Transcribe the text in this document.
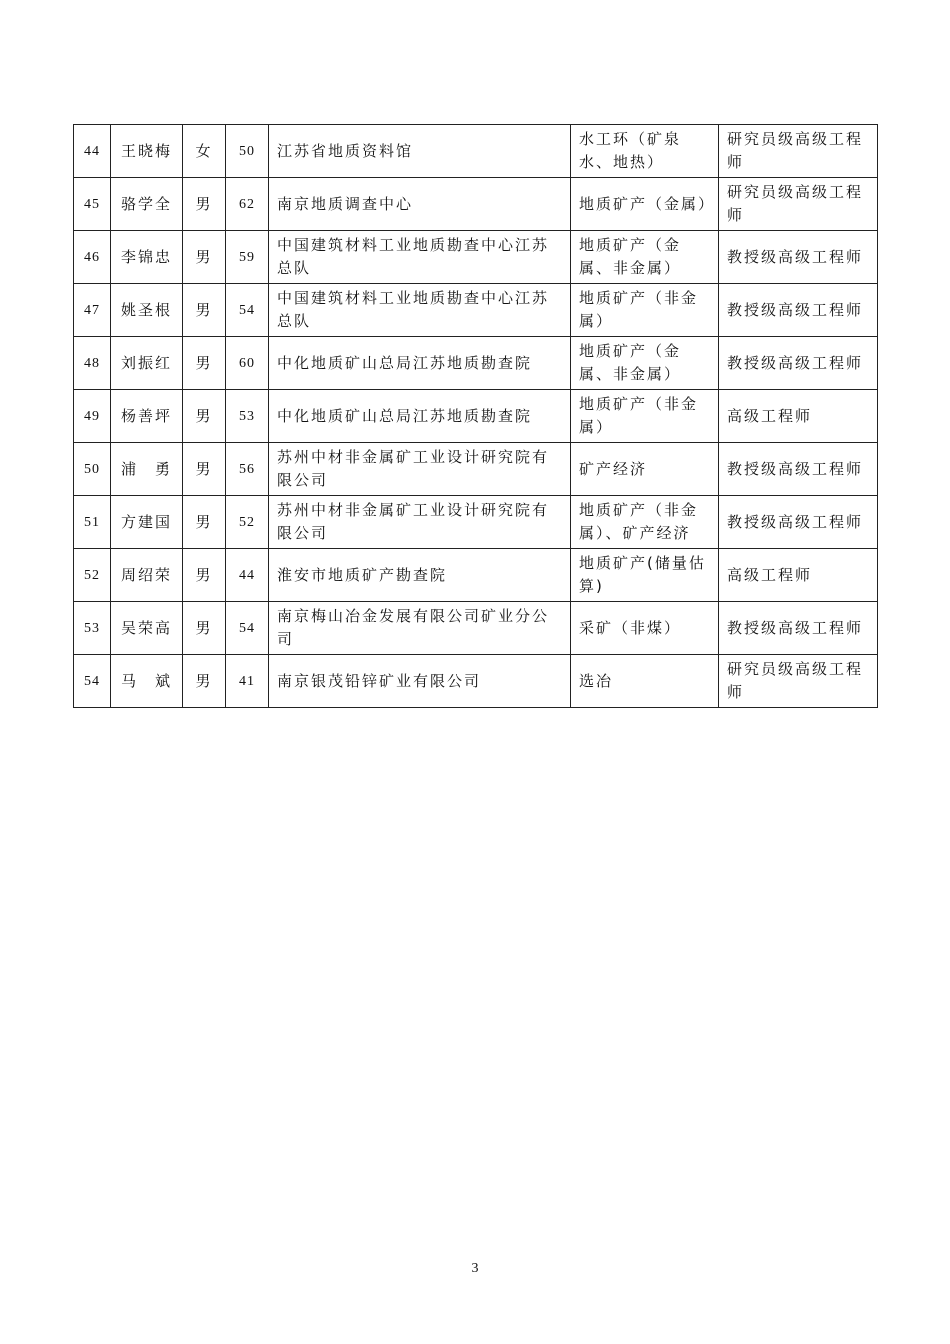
44	王晓梅	女	50	江苏省地质资料馆	水工环（矿泉水、地热）	研究员级高级工程师
45	骆学全	男	62	南京地质调查中心	地质矿产（金属）	研究员级高级工程师
46	李锦忠	男	59	中国建筑材料工业地质勘查中心江苏总队	地质矿产（金属、非金属）	教授级高级工程师
47	姚圣根	男	54	中国建筑材料工业地质勘查中心江苏总队	地质矿产（非金属）	教授级高级工程师
48	刘振红	男	60	中化地质矿山总局江苏地质勘查院	地质矿产（金属、非金属）	教授级高级工程师
49	杨善坪	男	53	中化地质矿山总局江苏地质勘查院	地质矿产（非金属）	高级工程师
50	浦　勇	男	56	苏州中材非金属矿工业设计研究院有限公司	矿产经济	教授级高级工程师
51	方建国	男	52	苏州中材非金属矿工业设计研究院有限公司	地质矿产（非金属）、矿产经济	教授级高级工程师
52	周绍荣	男	44	淮安市地质矿产勘查院	地质矿产(储量估算)	高级工程师
53	吴荣高	男	54	南京梅山冶金发展有限公司矿业分公司	采矿（非煤）	教授级高级工程师
54	马　斌	男	41	南京银茂铅锌矿业有限公司	选冶	研究员级高级工程师
3
